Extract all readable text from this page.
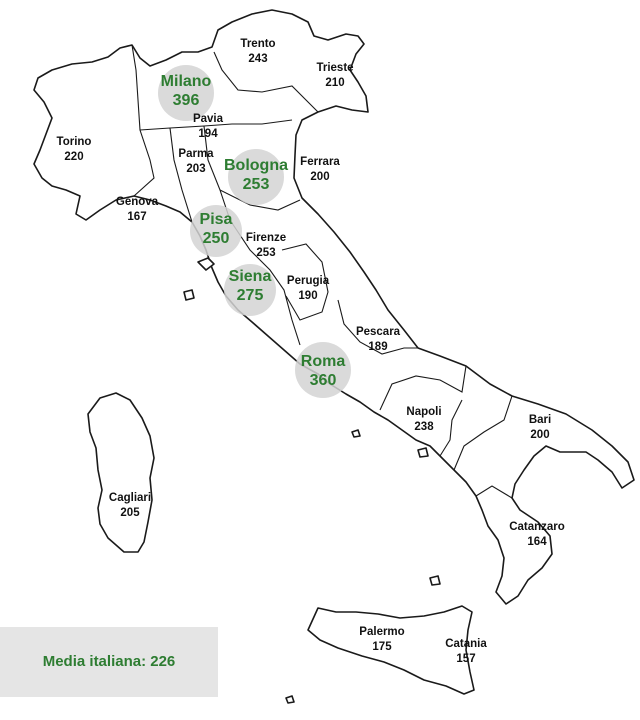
Trento
243
Trieste
210
Milano
396
Pavia
194
Torino
220	Parma
203	Bologna
253
Ferrara
200
Genova
167	Pisa
250 Firenze
253
Siena
275
Perugia
190
Pescara
189
Roma
360
Napoli
238
Bari
200
Cagliari
205
Catanzaro
164
Palermo
175	Catania
157
Media italiana: 226
